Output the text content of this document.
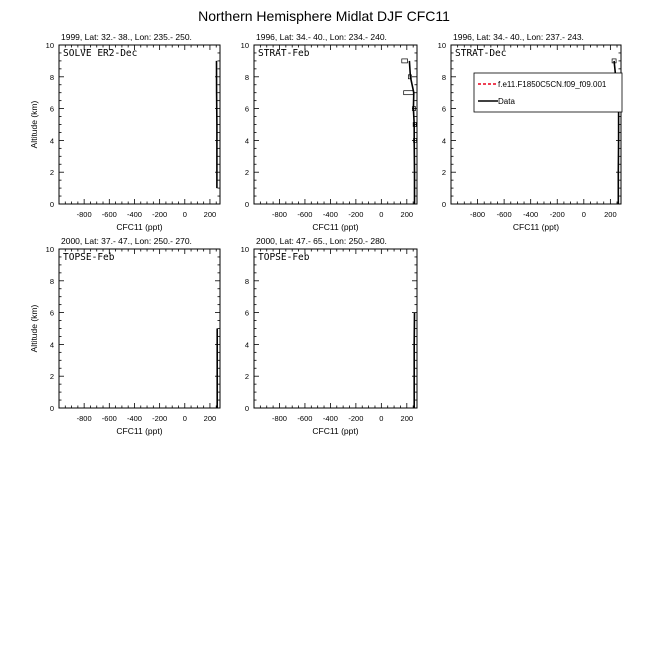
Northern Hemisphere Midlat DJF CFC11
1999, Lat: 32.- 38., Lon: 235.- 250.
-800 -600 -400 -200 0 200
0
2
4
6
8
10
CFC11 (ppt)
Altitude (km)
SOLVE ER2-Dec
1996, Lat: 34.- 40., Lon: 234.- 240.
-800 -600 -400 -200 0 200
0
2
4
6
8
10
CFC11 (ppt)
STRAT-Feb
1996, Lat: 34.- 40., Lon: 237.- 243.
-800 -600 -400 -200 0 200
0
2
4
6
8
10
CFC11 (ppt)
STRAT-Dec
f.e11.F1850C5CN.f09_f09.001
Data
2000, Lat: 37.- 47., Lon: 250.- 270.
-800 -600 -400 -200 0 200
0
2
4
6
8
10
CFC11 (ppt)
Altitude (km)
TOPSE-Feb
2000, Lat: 47.- 65., Lon: 250.- 280.
-800 -600 -400 -200 0 200
0
2
4
6
8
10
CFC11 (ppt)
TOPSE-Feb
